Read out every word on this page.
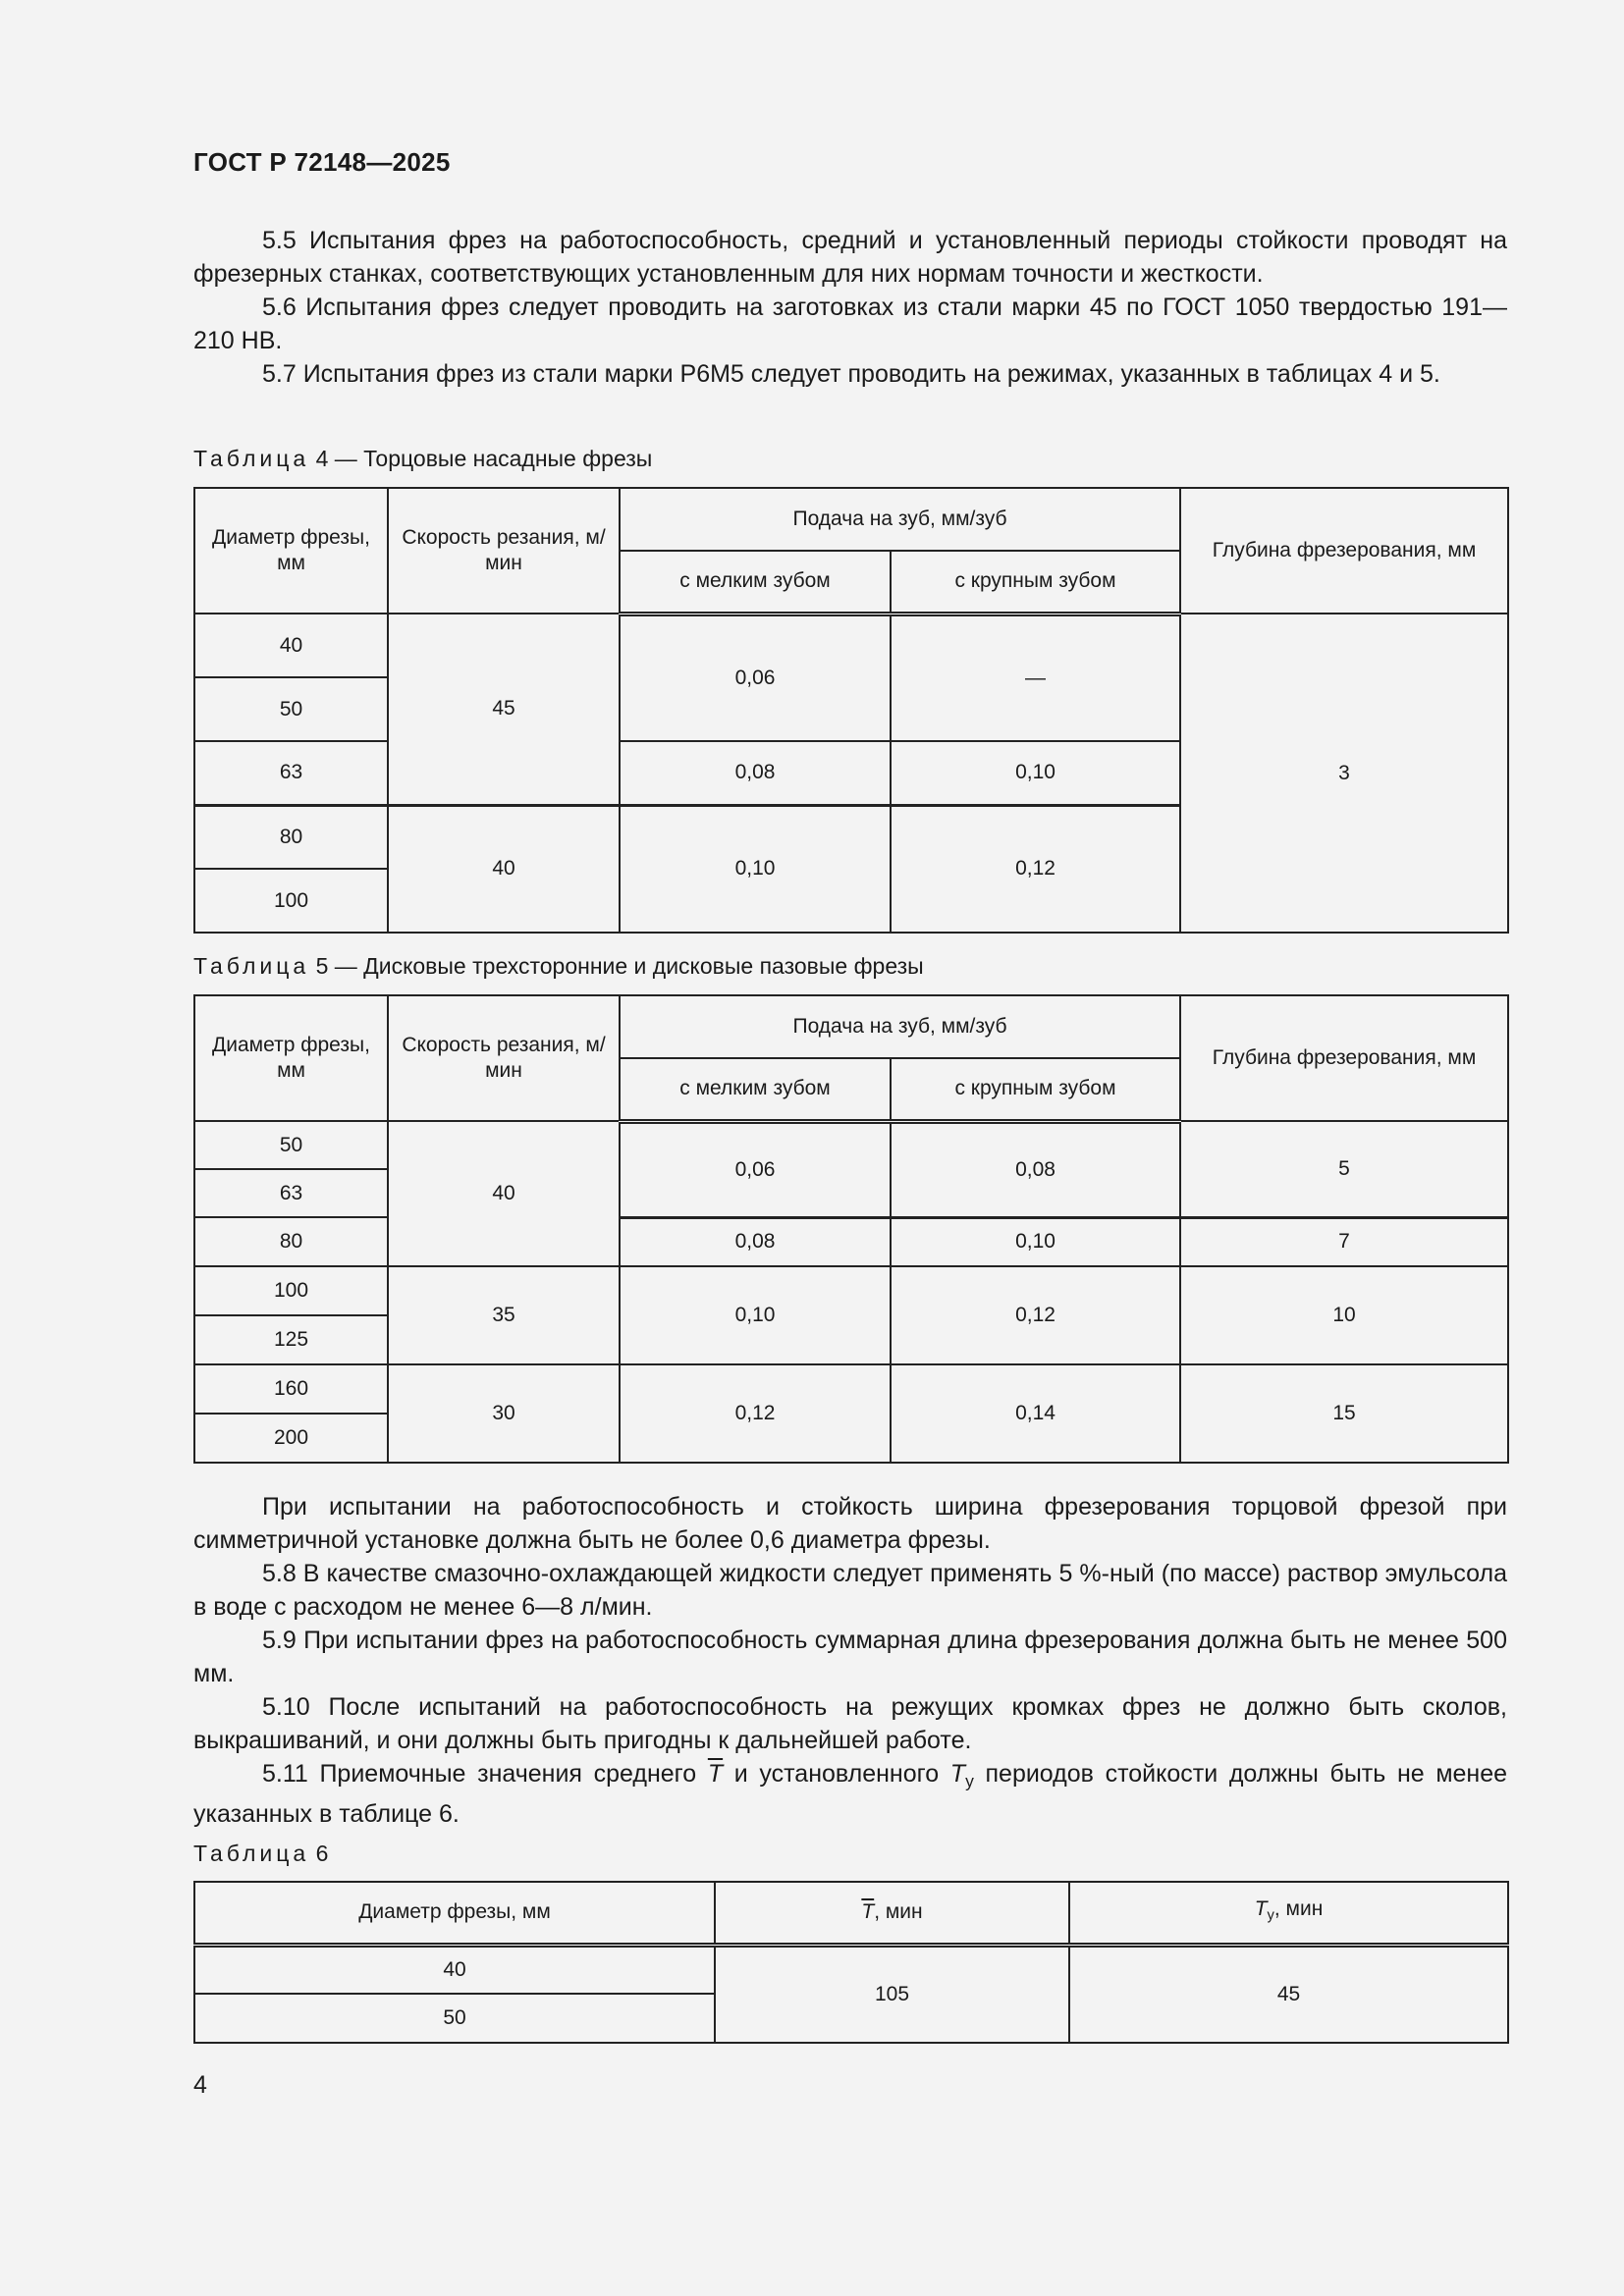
ГОСТ Р 72148—2025

5.5 Испытания фрез на работоспособность, средний и установленный периоды стойкости проводят на фрезерных станках, соответствующих установленным для них нормам точности и жесткости.

5.6 Испытания фрез следует проводить на заготовках из стали марки 45 по ГОСТ 1050 твердостью 191—210 HB.

5.7 Испытания фрез из стали марки Р6М5 следует проводить на режимах, указанных в таблицах 4 и 5.

Таблица 4 — Торцовые насадные фрезы

Диаметр фрезы, мм	Скорость резания, м/мин	Подача на зуб, мм/зуб		Глубина фрезерования, мм
		с мелким зубом	с крупным зубом	
40	45	0,06	—	3
50				
63		0,08	0,10	
80	40	0,10	0,12	
100				

Таблица 5 — Дисковые трехсторонние и дисковые пазовые фрезы

Диаметр фрезы, мм	Скорость резания, м/мин	Подача на зуб, мм/зуб		Глубина фрезерования, мм
		с мелким зубом	с крупным зубом	
50	40	0,06	0,08	5
63				
80		0,08	0,10	7
100	35	0,10	0,12	10
125				
160	30	0,12	0,14	15
200				

При испытании на работоспособность и стойкость ширина фрезерования торцовой фрезой при симметричной установке должна быть не более 0,6 диаметра фрезы.

5.8 В качестве смазочно-охлаждающей жидкости следует применять 5 %-ный (по массе) раствор эмульсола в воде с расходом не менее 6—8 л/мин.

5.9 При испытании фрез на работоспособность суммарная длина фрезерования должна быть не менее 500 мм.

5.10 После испытаний на работоспособность на режущих кромках фрез не должно быть сколов, выкрашиваний, и они должны быть пригодны к дальнейшей работе.

5.11 Приемочные значения среднего $\overline{T}$ и установленного $T_у$ периодов стойкости должны быть не менее указанных в таблице 6.

Таблица 6

Диаметр фрезы, мм	$\overline{T}$, мин	$T_у$, мин
40	105	45
50		
4
